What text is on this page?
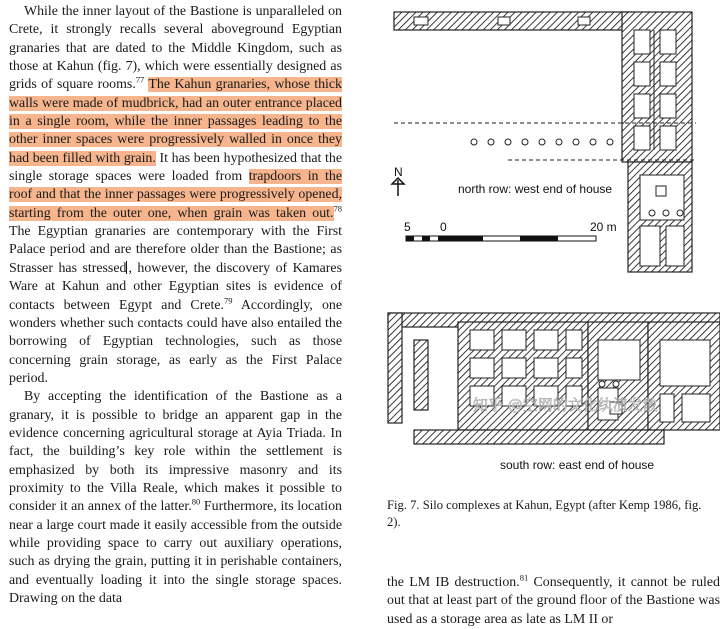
While the inner layout of the Bastione is unparalleled on Crete, it strongly recalls several aboveground Egyptian granaries that are dated to the Middle Kingdom, such as those at Kahun (fig. 7), which were essentially designed as grids of square rooms.$^{77}$ The Kahun granaries, whose thick walls were made of mudbrick, had an outer entrance placed in a single room, while the inner passages leading to the other inner spaces were progressively walled in once they had been filled with grain. It has been hypothesized that the single storage spaces were loaded from trapdoors in the roof and that the inner passages were progressively opened, starting from the outer one, when grain was taken out.$^{78}$ The Egyptian granaries are contemporary with the First Palace period and are therefore older than the Bastione; as Strasser has stressed , however, the discovery of Kamares Ware at Kahun and other Egyptian sites is evidence of contacts between Egypt and Crete.$^{79}$ Accordingly, one wonders whether such contacts could have also entailed the borrowing of Egyptian technologies, such as those concerning grain storage, as early as the First Palace period.

By accepting the identification of the Bastione as a granary, it is possible to bridge an apparent gap in the evidence concerning agricultural storage at Ayia Triada. In fact, the building’s key role within the settlement is emphasized by both its impressive masonry and its proximity to the Villa Reale, which makes it possible to consider it an annex of the latter.$^{80}$ Furthermore, its location near a large court made it easily accessible from the outside while providing space to carry out auxiliary operations, such as drying the grain, putting it in perishable containers, and eventually loading it into the single storage spaces. Drawing on the data

N
north row: west end of house
5 0	20 m
south row: east end of house
知乎 @空网的文化纨溃发散
Fig. 7. Silo complexes at Kahun, Egypt (after Kemp 1986, fig. 2).

the LM IB destruction.$^{81}$ Consequently, it cannot be ruled out that at least part of the ground floor of the Bastione was used as a storage area as late as LM II or
